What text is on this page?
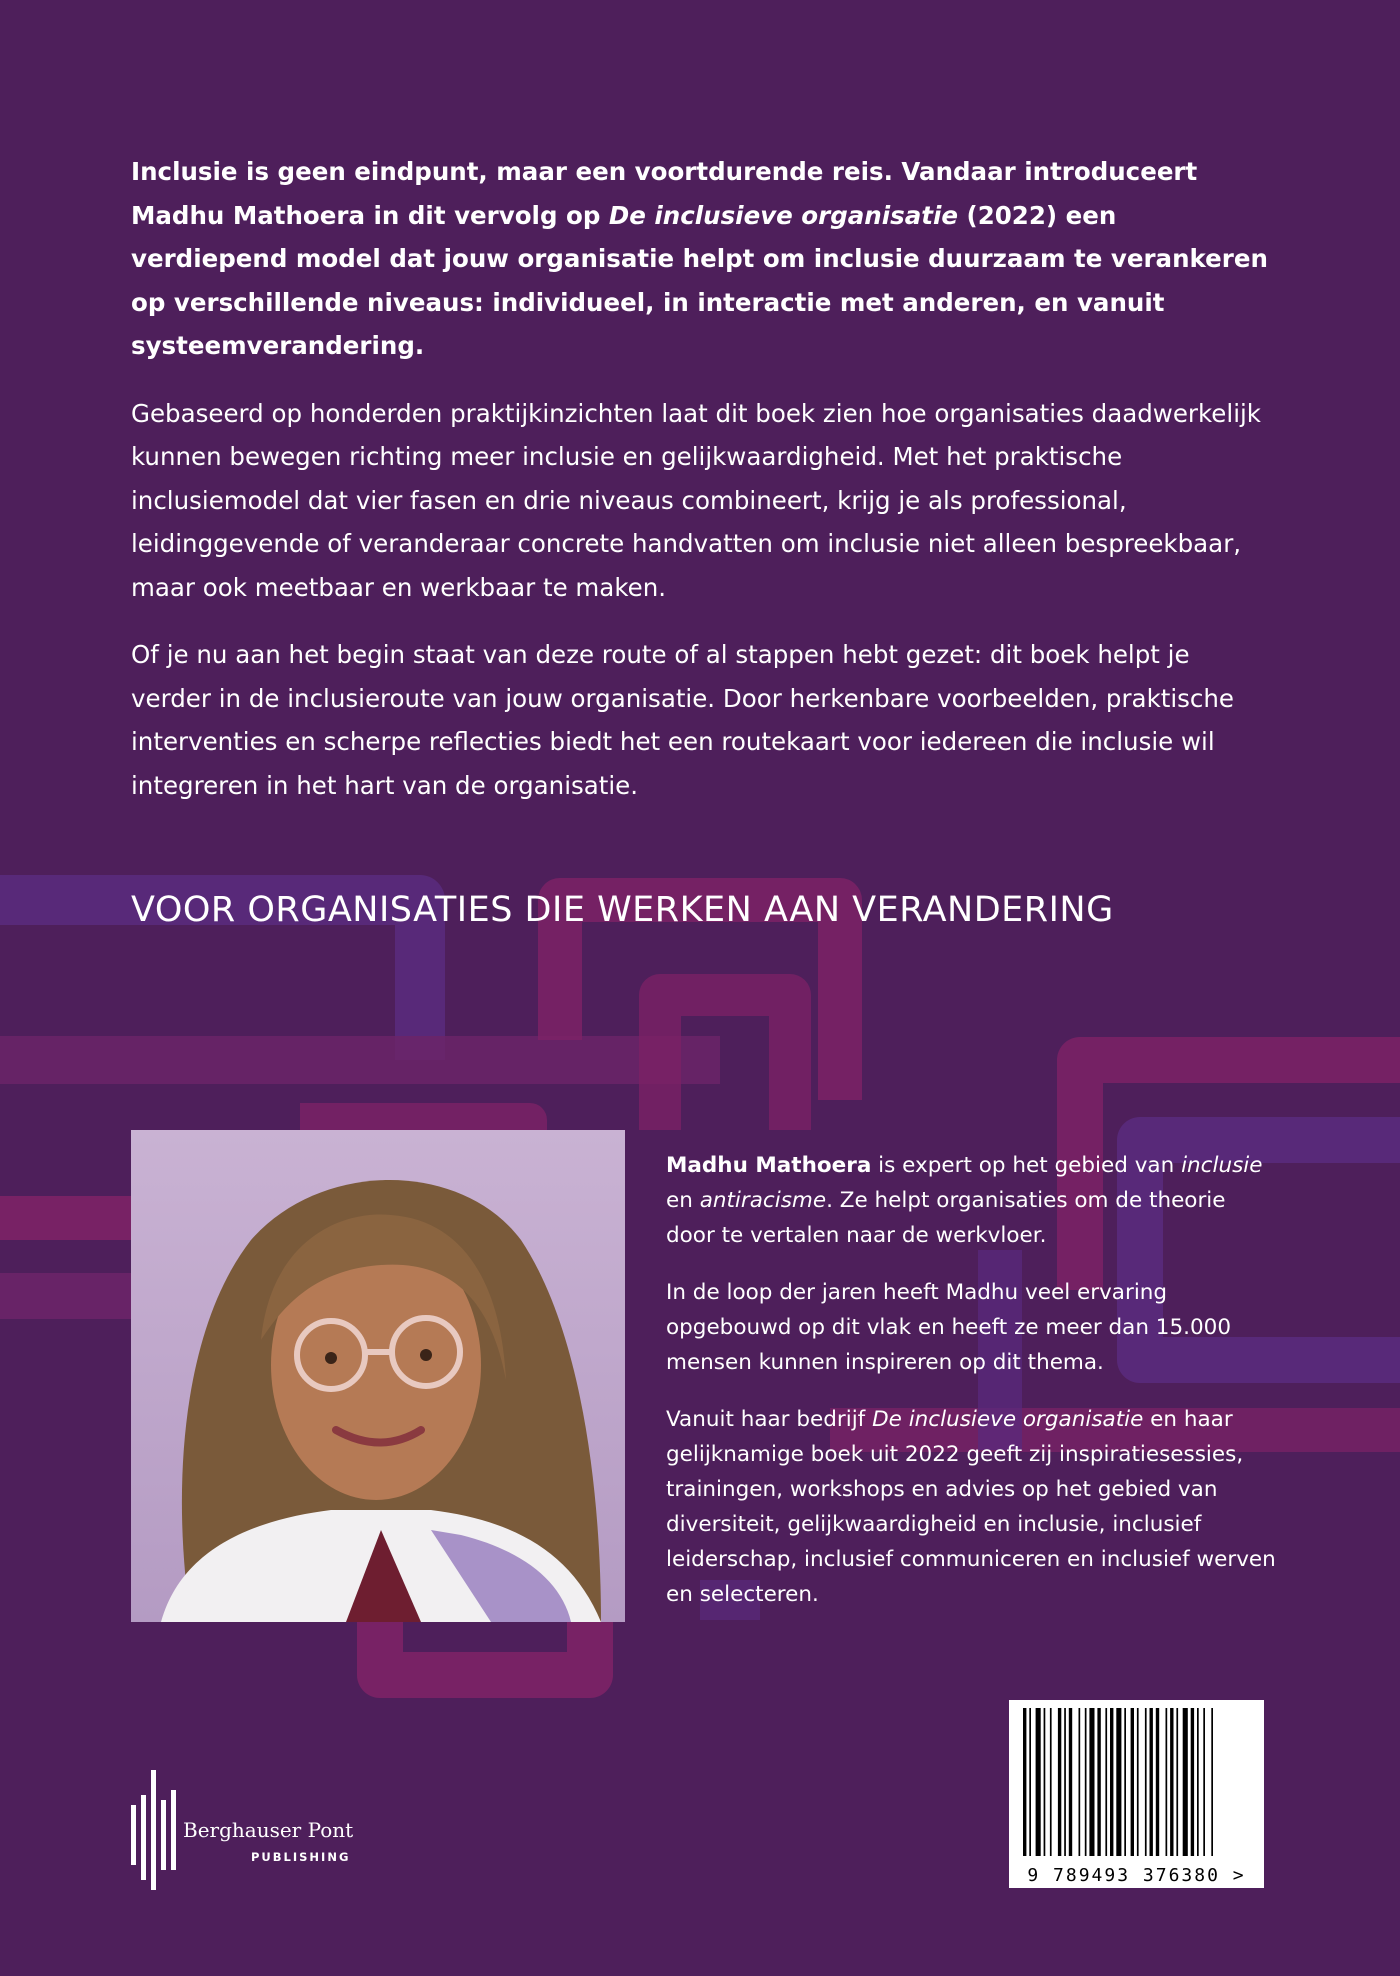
Inclusie is geen eindpunt, maar een voortdurende reis. Vandaar introduceert Madhu Mathoera in dit vervolg op De inclusieve organisatie (2022) een verdiepend model dat jouw organisatie helpt om inclusie duurzaam te verankeren op verschillende niveaus: individueel, in interactie met anderen, en vanuit systeemverandering.

Gebaseerd op honderden praktijkinzichten laat dit boek zien hoe organisaties daadwerkelijk kunnen bewegen richting meer inclusie en gelijkwaardigheid. Met het praktische inclusiemodel dat vier fasen en drie niveaus combineert, krijg je als professional, leidinggevende of veranderaar concrete handvatten om inclusie niet alleen bespreekbaar, maar ook meetbaar en werkbaar te maken.

Of je nu aan het begin staat van deze route of al stappen hebt gezet: dit boek helpt je verder in de inclusieroute van jouw organisatie. Door herkenbare voorbeelden, praktische interventies en scherpe reflecties biedt het een routekaart voor iedereen die inclusie wil integreren in het hart van de organisatie.

VOOR ORGANISATIES DIE WERKEN AAN VERANDERING

Madhu Mathoera is expert op het gebied van inclusie en antiracisme. Ze helpt organisaties om de theorie door te vertalen naar de werkvloer.

In de loop der jaren heeft Madhu veel ervaring opgebouwd op dit vlak en heeft ze meer dan 15.000 mensen kunnen inspireren op dit thema.

Vanuit haar bedrijf De inclusieve organisatie en haar gelijknamige boek uit 2022 geeft zij inspiratiesessies, trainingen, workshops en advies op het gebied van diversiteit, gelijkwaardigheid en inclusie, inclusief leiderschap, inclusief communiceren en inclusief werven en selecteren.

9 789493 376380 >
Berghauser Pont
PUBLISHING
